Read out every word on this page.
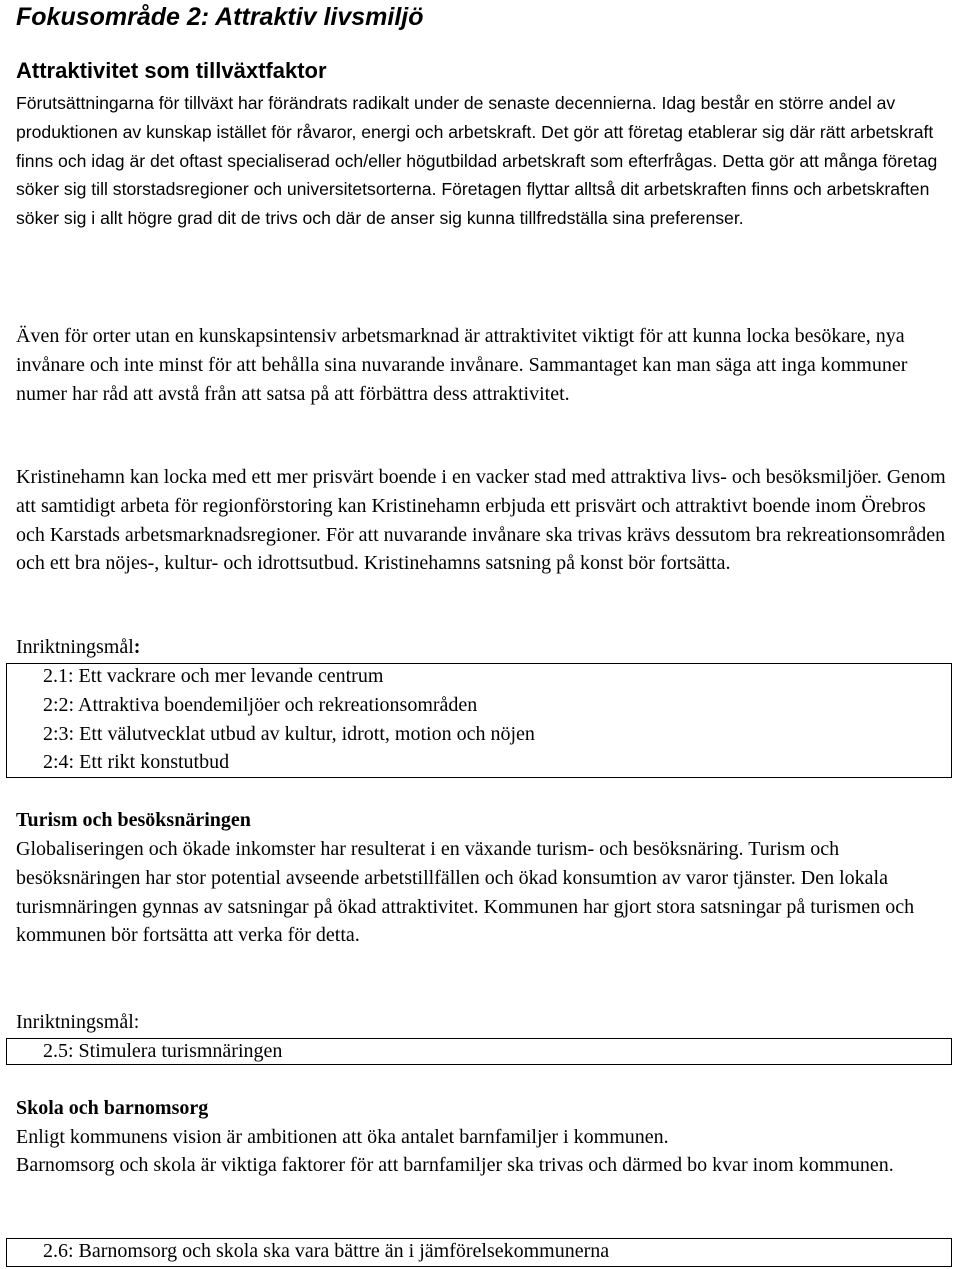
Fokusområde 2: Attraktiv livsmiljö
Attraktivitet som tillväxtfaktor
Förutsättningarna för tillväxt har förändrats radikalt under de senaste decennierna. Idag består en större andel av produktionen av kunskap istället för råvaror, energi och arbetskraft. Det gör att företag etablerar sig där rätt arbetskraft finns och idag är det oftast specialiserad och/eller högutbildad arbetskraft som efterfrågas. Detta gör att många företag söker sig till storstadsregioner och universitetsorterna. Företagen flyttar alltså dit arbetskraften finns och arbetskraften söker sig i allt högre grad dit de trivs och där de anser sig kunna tillfredställa sina preferenser.
Även för orter utan en kunskapsintensiv arbetsmarknad är attraktivitet viktigt för att kunna locka besökare, nya invånare och inte minst för att behålla sina nuvarande invånare. Sammantaget kan man säga att inga kommuner numer har råd att avstå från att satsa på att förbättra dess attraktivitet.
Kristinehamn kan locka med ett mer prisvärt boende i en vacker stad med attraktiva livs- och besöksmiljöer. Genom att samtidigt arbeta för regionförstoring kan Kristinehamn erbjuda ett prisvärt och attraktivt boende inom Örebros och Karstads arbetsmarknadsregioner. För att nuvarande invånare ska trivas krävs dessutom bra rekreationsområden och ett bra nöjes-, kultur- och idrottsutbud. Kristinehamns satsning på konst bör fortsätta.
Inriktningsmål:
2.1: Ett vackrare och mer levande centrum
2:2: Attraktiva boendemiljöer och rekreationsområden
2:3: Ett välutvecklat utbud av kultur, idrott, motion och nöjen
2:4: Ett rikt konstutbud
Turism och besöksnäringen
Globaliseringen och ökade inkomster har resulterat i en växande turism- och besöksnäring. Turism och besöksnäringen har stor potential avseende arbetstillfällen och ökad konsumtion av varor tjänster. Den lokala turismnäringen gynnas av satsningar på ökad attraktivitet. Kommunen har gjort stora satsningar på turismen och kommunen bör fortsätta att verka för detta.
Inriktningsmål:
2.5: Stimulera turismnäringen
Skola och barnomsorg
Enligt kommunens vision är ambitionen att öka antalet barnfamiljer i kommunen.
Barnomsorg och skola är viktiga faktorer för att barnfamiljer ska trivas och därmed bo kvar inom kommunen.
2.6: Barnomsorg och skola ska vara bättre än i jämförelsekommunerna
